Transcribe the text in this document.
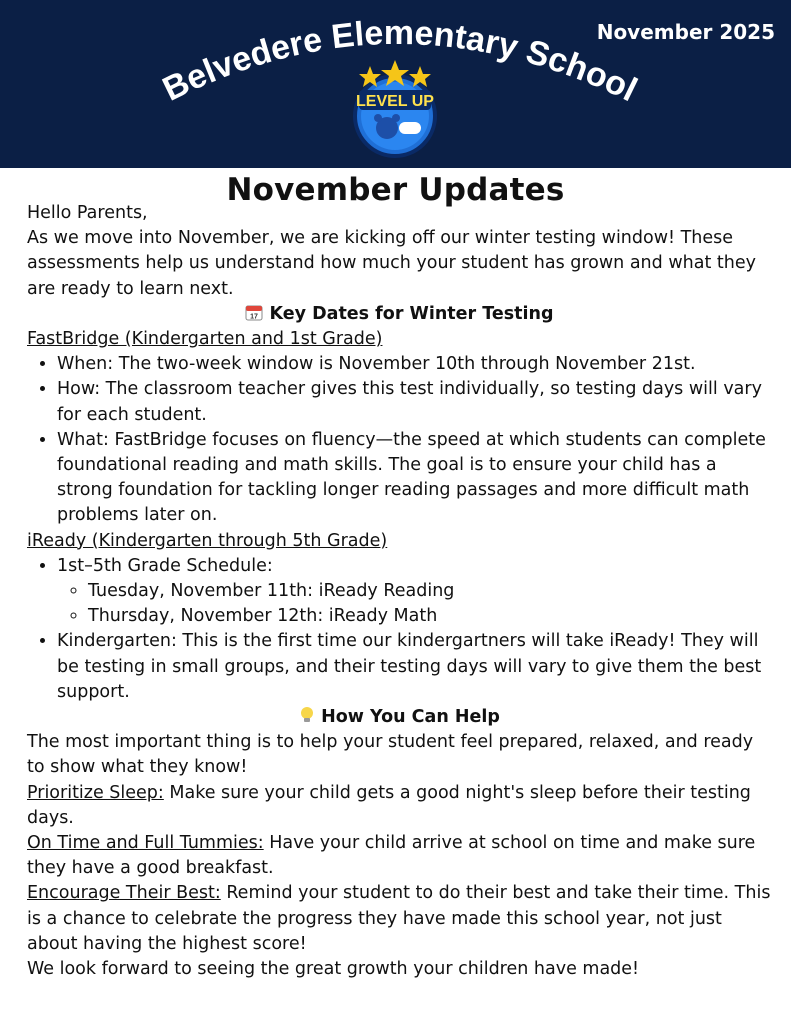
Belvedere Elementary School
November 2025
LEVEL UP
November Updates

Hello Parents,

As we move into November, we are kicking off our winter testing window! These assessments help us understand how much your student has grown and what they are ready to learn next.

17 Key Dates for Winter Testing

FastBridge (Kindergarten and 1st Grade)

• When: The two-week window is November 10th through November 21st.
• How: The classroom teacher gives this test individually, so testing days will vary for each student.
• What: FastBridge focuses on fluency—the speed at which students can complete foundational reading and math skills. The goal is to ensure your child has a strong foundation for tackling longer reading passages and more difficult math problems later on.

iReady (Kindergarten through 5th Grade)

• 1st–5th Grade Schedule:
◦ Tuesday, November 11th: iReady Reading
◦ Thursday, November 12th: iReady Math
• Kindergarten: This is the first time our kindergartners will take iReady! They will be testing in small groups, and their testing days will vary to give them the best support.

How You Can Help

The most important thing is to help your student feel prepared, relaxed, and ready to show what they know!

Prioritize Sleep: Make sure your child gets a good night's sleep before their testing days.

On Time and Full Tummies: Have your child arrive at school on time and make sure they have a good breakfast.

Encourage Their Best: Remind your student to do their best and take their time. This is a chance to celebrate the progress they have made this school year, not just about having the highest score!

We look forward to seeing the great growth your children have made!
